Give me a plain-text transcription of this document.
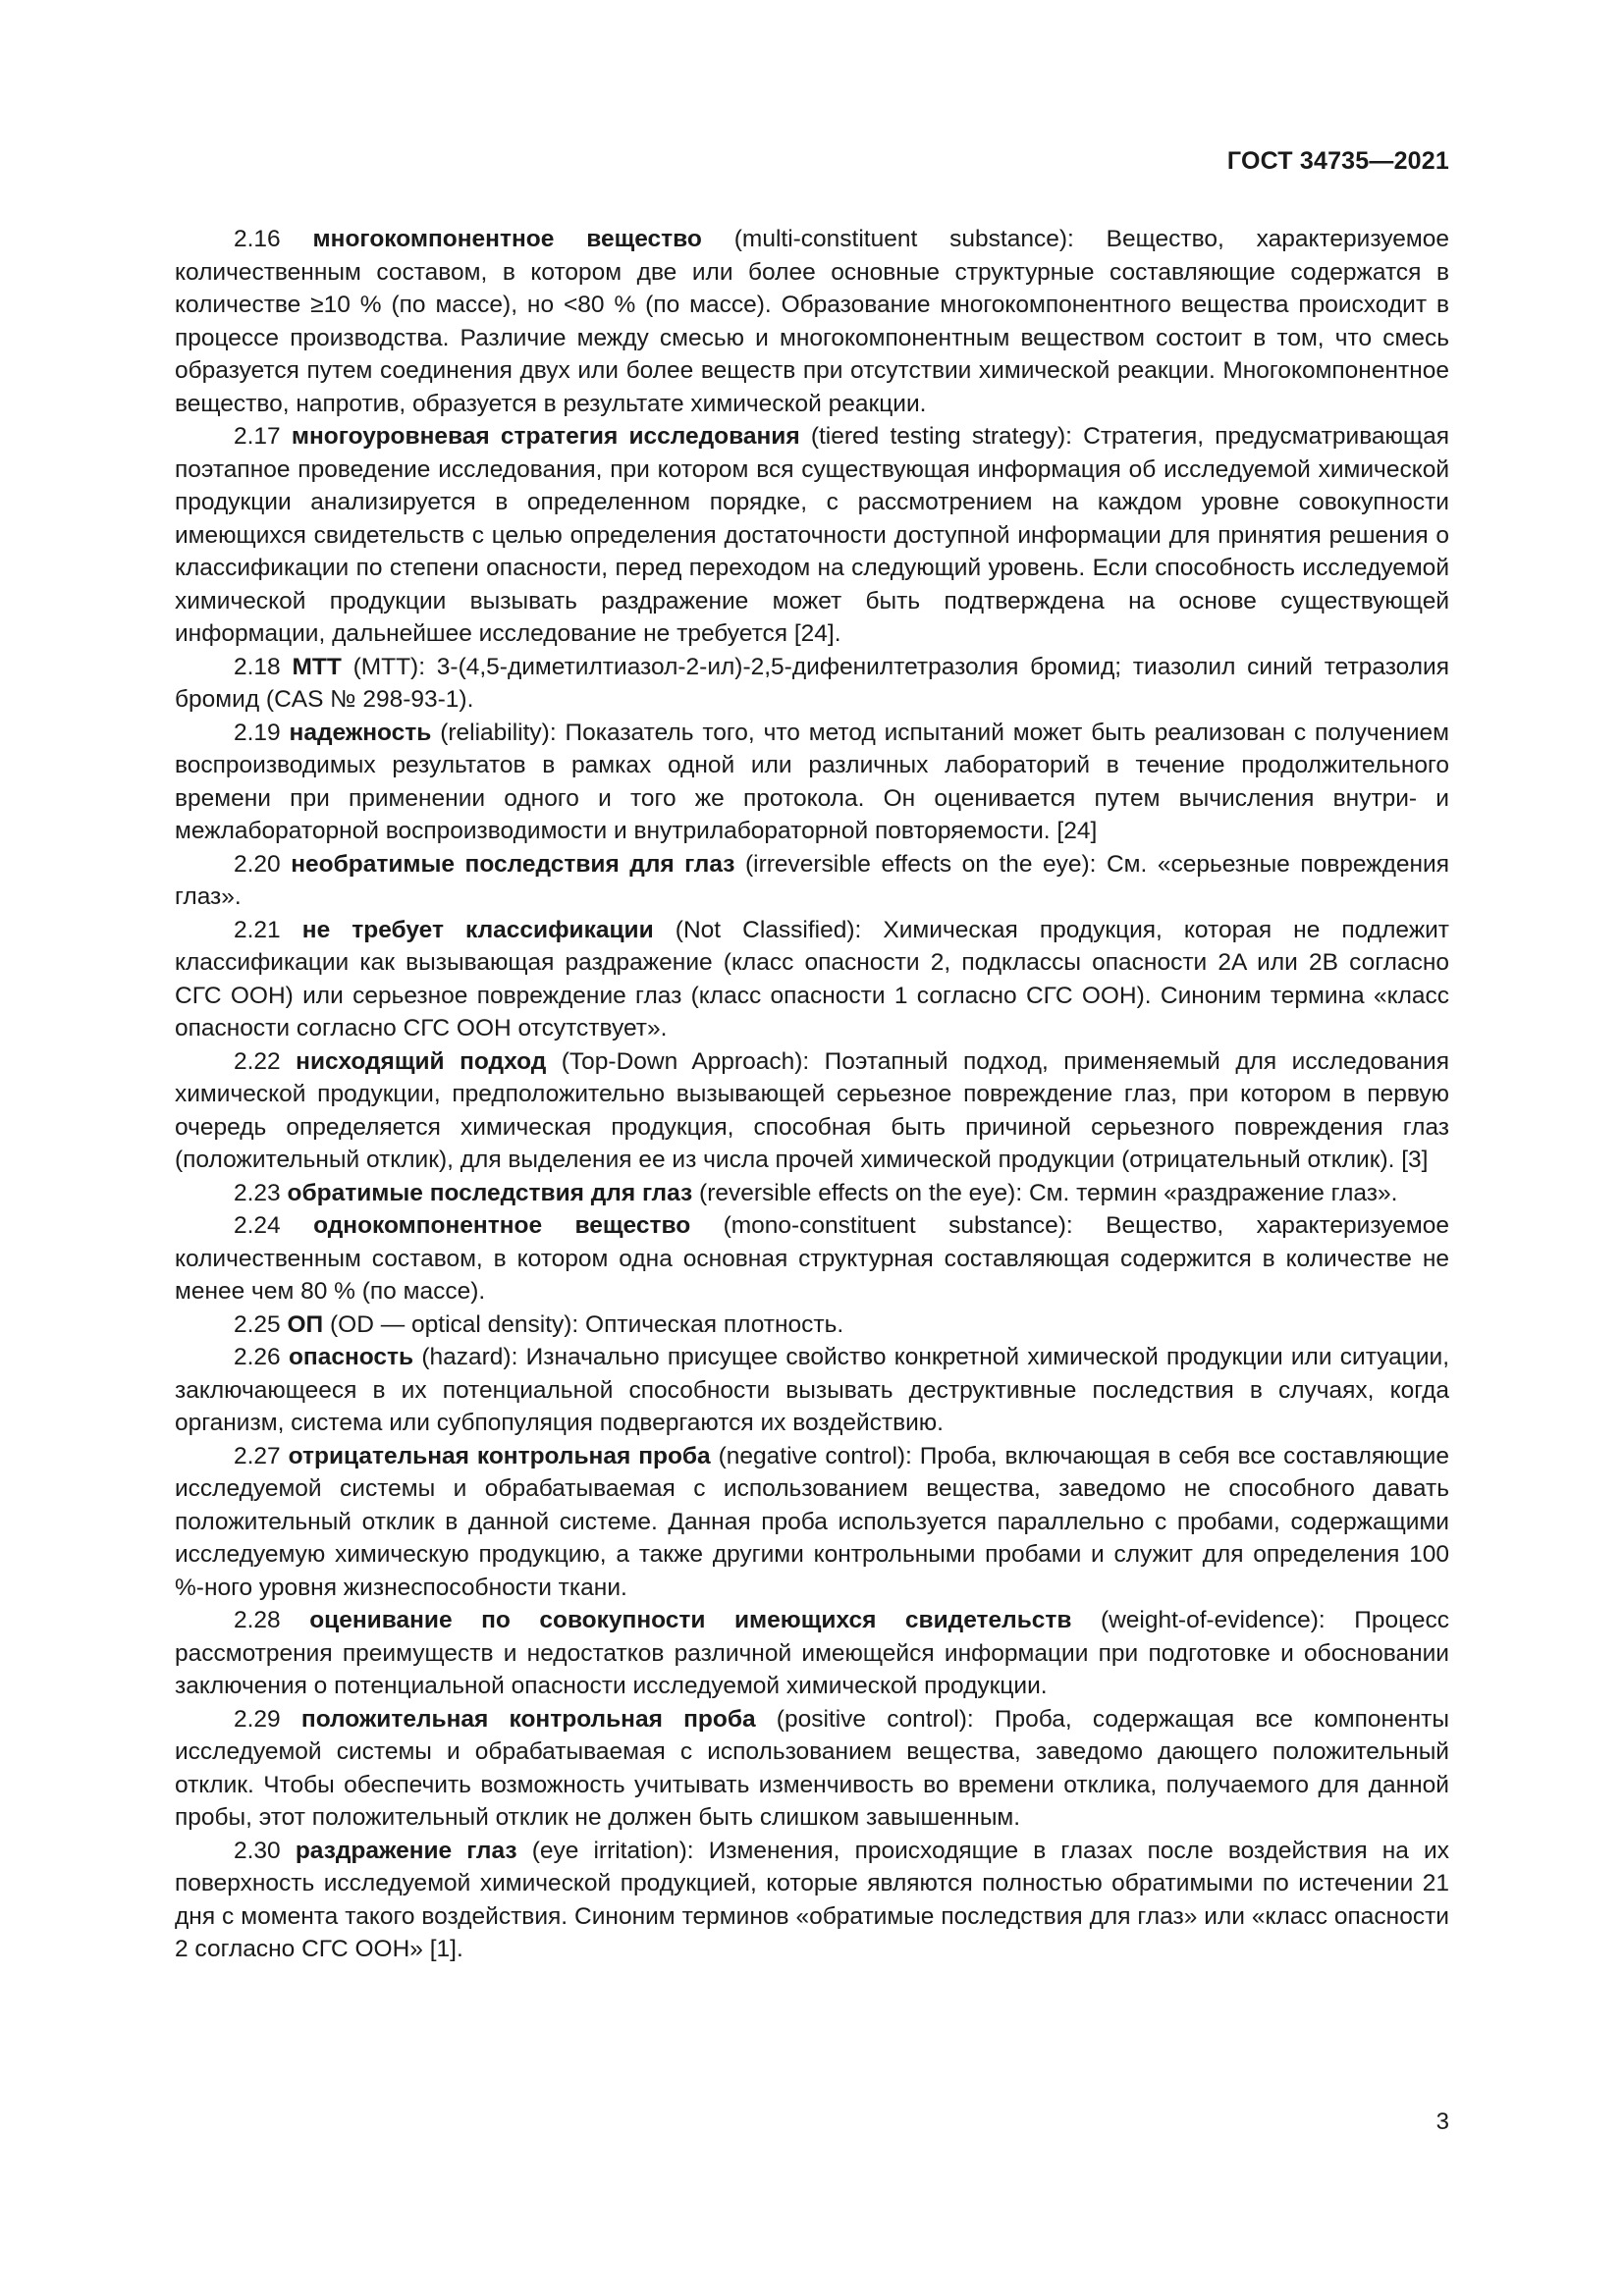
ГОСТ 34735—2021

2.16 многокомпонентное вещество (multi-constituent substance): Вещество, характеризуемое количественным составом, в котором две или более основные структурные составляющие содержатся в количестве ≥10 % (по массе), но <80 % (по массе). Образование многокомпонентного вещества происходит в процессе производства. Различие между смесью и многокомпонентным веществом состоит в том, что смесь образуется путем соединения двух или более веществ при отсутствии химической реакции. Многокомпонентное вещество, напротив, образуется в результате химической реакции.

2.17 многоуровневая стратегия исследования (tiered testing strategy): Стратегия, предусматривающая поэтапное проведение исследования, при котором вся существующая информация об исследуемой химической продукции анализируется в определенном порядке, с рассмотрением на каждом уровне совокупности имеющихся свидетельств с целью определения достаточности доступной информации для принятия решения о классификации по степени опасности, перед переходом на следующий уровень. Если способность исследуемой химической продукции вызывать раздражение может быть подтверждена на основе существующей информации, дальнейшее исследование не требуется [24].

2.18 МТТ (MTT): 3-(4,5-диметилтиазол-2-ил)-2,5-дифенилтетразолия бромид; тиазолил синий тетразолия бромид (CAS № 298-93-1).

2.19 надежность (reliability): Показатель того, что метод испытаний может быть реализован с получением воспроизводимых результатов в рамках одной или различных лабораторий в течение продолжительного времени при применении одного и того же протокола. Он оценивается путем вычисления внутри- и межлабораторной воспроизводимости и внутрилабораторной повторяемости. [24]

2.20 необратимые последствия для глаз (irreversible effects on the eye): См. «серьезные повреждения глаз».

2.21 не требует классификации (Not Classified): Химическая продукция, которая не подлежит классификации как вызывающая раздражение (класс опасности 2, подклассы опасности 2A или 2B согласно СГС ООН) или серьезное повреждение глаз (класс опасности 1 согласно СГС ООН). Синоним термина «класс опасности согласно СГС ООН отсутствует».

2.22 нисходящий подход (Top-Down Approach): Поэтапный подход, применяемый для исследования химической продукции, предположительно вызывающей серьезное повреждение глаз, при котором в первую очередь определяется химическая продукция, способная быть причиной серьезного повреждения глаз (положительный отклик), для выделения ее из числа прочей химической продукции (отрицательный отклик). [3]

2.23 обратимые последствия для глаз (reversible effects on the eye): См. термин «раздражение глаз».

2.24 однокомпонентное вещество (mono-constituent substance): Вещество, характеризуемое количественным составом, в котором одна основная структурная составляющая содержится в количестве не менее чем 80 % (по массе).

2.25 ОП (OD — optical density): Оптическая плотность.

2.26 опасность (hazard): Изначально присущее свойство конкретной химической продукции или ситуации, заключающееся в их потенциальной способности вызывать деструктивные последствия в случаях, когда организм, система или субпопуляция подвергаются их воздействию.

2.27 отрицательная контрольная проба (negative control): Проба, включающая в себя все составляющие исследуемой системы и обрабатываемая с использованием вещества, заведомо не способного давать положительный отклик в данной системе. Данная проба используется параллельно с пробами, содержащими исследуемую химическую продукцию, а также другими контрольными пробами и служит для определения 100 %-ного уровня жизнеспособности ткани.

2.28 оценивание по совокупности имеющихся свидетельств (weight-of-evidence): Процесс рассмотрения преимуществ и недостатков различной имеющейся информации при подготовке и обосновании заключения о потенциальной опасности исследуемой химической продукции.

2.29 положительная контрольная проба (positive control): Проба, содержащая все компоненты исследуемой системы и обрабатываемая с использованием вещества, заведомо дающего положительный отклик. Чтобы обеспечить возможность учитывать изменчивость во времени отклика, получаемого для данной пробы, этот положительный отклик не должен быть слишком завышенным.

2.30 раздражение глаз (eye irritation): Изменения, происходящие в глазах после воздействия на их поверхность исследуемой химической продукцией, которые являются полностью обратимыми по истечении 21 дня с момента такого воздействия. Синоним терминов «обратимые последствия для глаз» или «класс опасности 2 согласно СГС ООН» [1].

3
